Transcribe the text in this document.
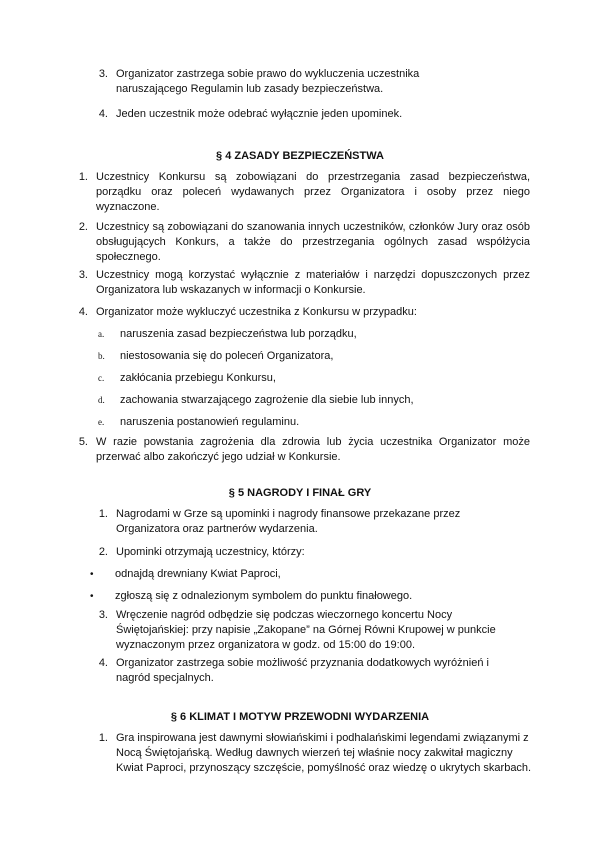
3. Organizator zastrzega sobie prawo do wykluczenia uczestnika naruszającego Regulamin lub zasady bezpieczeństwa.
4. Jeden uczestnik może odebrać wyłącznie jeden upominek.
§ 4 ZASADY BEZPIECZEŃSTWA
1. Uczestnicy Konkursu są zobowiązani do przestrzegania zasad bezpieczeństwa, porządku oraz poleceń wydawanych przez Organizatora i osoby przez niego wyznaczone.
2. Uczestnicy są zobowiązani do szanowania innych uczestników, członków Jury oraz osób obsługujących Konkurs, a także do przestrzegania ogólnych zasad współżycia społecznego.
3. Uczestnicy mogą korzystać wyłącznie z materiałów i narzędzi dopuszczonych przez Organizatora lub wskazanych w informacji o Konkursie.
4. Organizator może wykluczyć uczestnika z Konkursu w przypadku:
a.	naruszenia zasad bezpieczeństwa lub porządku,
b.	niestosowania się do poleceń Organizatora,
c.	zakłócania przebiegu Konkursu,
d.	zachowania stwarzającego zagrożenie dla siebie lub innych,
e.	naruszenia postanowień regulaminu.
5. W razie powstania zagrożenia dla zdrowia lub życia uczestnika Organizator może przerwać albo zakończyć jego udział w Konkursie.
§ 5 NAGRODY I FINAŁ GRY
1. Nagrodami w Grze są upominki i nagrody finansowe przekazane przez Organizatora oraz partnerów wydarzenia.
2. Upominki otrzymają uczestnicy, którzy:
•	odnajdą drewniany Kwiat Paproci,
•	zgłoszą się z odnalezionym symbolem do punktu finałowego.
3. Wręczenie nagród odbędzie się podczas wieczornego koncertu Nocy Świętojańskiej: przy napisie „Zakopane” na Górnej Równi Krupowej w punkcie wyznaczonym przez organizatora w godz. od 15:00 do 19:00.
4. Organizator zastrzega sobie możliwość przyznania dodatkowych wyróżnień i nagród specjalnych.
§ 6 KLIMAT I MOTYW PRZEWODNI WYDARZENIA
1. Gra inspirowana jest dawnymi słowiańskimi i podhalańskimi legendami związanymi z Nocą Świętojańską. Według dawnych wierzeń tej właśnie nocy zakwitał magiczny Kwiat Paproci, przynoszący szczęście, pomyślność oraz wiedzę o ukrytych skarbach.
